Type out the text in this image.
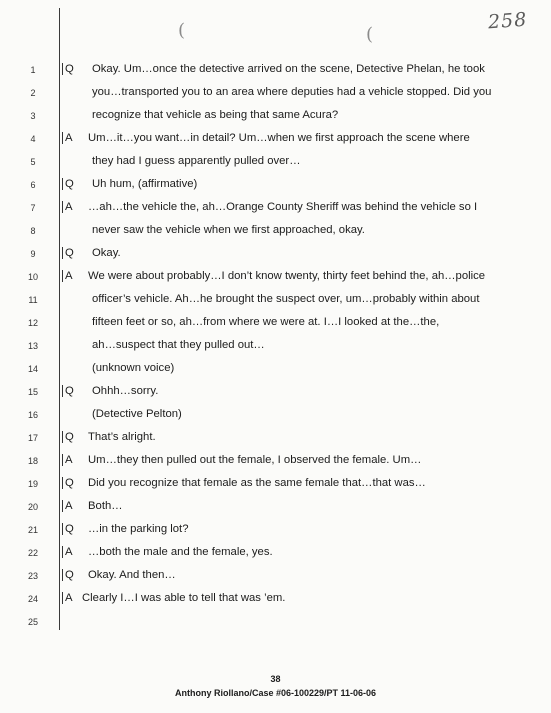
258
(	(
1	Q	Okay. Um…once the detective arrived on the scene, Detective Phelan, he took
2	you…transported you to an area where deputies had a vehicle stopped. Did you
3	recognize that vehicle as being that same Acura?
4	A	Um…it…you want…in detail? Um…when we first approach the scene where
5	they had I guess apparently pulled over…
6	Q	Uh hum, (affirmative)
7	A	…ah…the vehicle the, ah…Orange County Sheriff was behind the vehicle so I
8	never saw the vehicle when we first approached, okay.
9	Q	Okay.
10	A	We were about probably…I don’t know twenty, thirty feet behind the, ah…police
11	officer’s vehicle. Ah…he brought the suspect over, um…probably within about
12	fifteen feet or so, ah…from where we were at. I…I looked at the…the,
13	ah…suspect that they pulled out…
14	(unknown voice)
15	Q	Ohhh…sorry.
16	(Detective Pelton)
17	Q	That’s alright.
18	A	Um…they then pulled out the female, I observed the female. Um…
19	Q	Did you recognize that female as the same female that…that was…
20	A	Both…
21	Q	…in the parking lot?
22	A	…both the male and the female, yes.
23	Q	Okay. And then…
24	A Clearly I…I was able to tell that was ’em.
25
38
Anthony Riollano/Case #06-100229/PT 11-06-06
